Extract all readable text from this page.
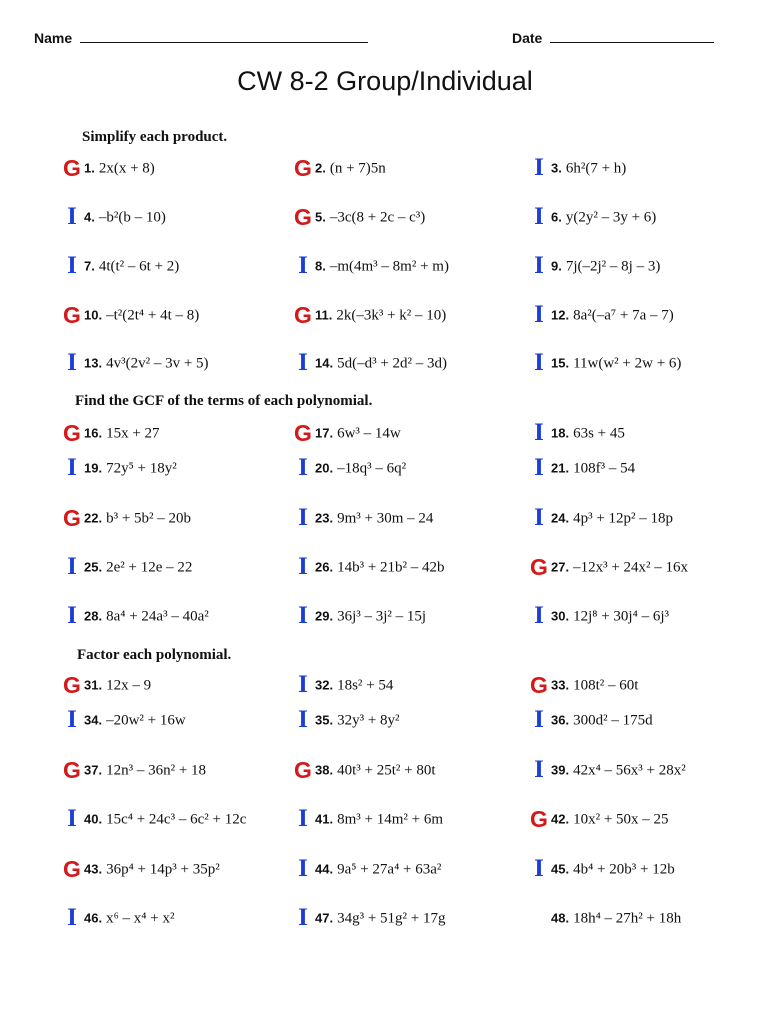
Name	Date
CW 8-2 Group/Individual
Simplify each product.
Find the GCF of the terms of each polynomial.
Factor each polynomial.
G 1. 2x(x + 8)	G 2. (n + 7)5n	I 3. 6h²(7 + h)
I 4. –b²(b – 10)	G 5. –3c(8 + 2c – c³)	I 6. y(2y² – 3y + 6)
I 7. 4t(t² – 6t + 2)	I 8. –m(4m³ – 8m² + m)	I 9. 7j(–2j² – 8j – 3)
G 10. –t²(2t⁴ + 4t – 8)	G 11. 2k(–3k³ + k² – 10)	I 12. 8a²(–a⁷ + 7a – 7)
I 13. 4v³(2v² – 3v + 5)	I 14. 5d(–d³ + 2d² – 3d)	I 15. 11w(w² + 2w + 6)
G 16. 15x + 27	G 17. 6w³ – 14w	I 18. 63s + 45
I 19. 72y⁵ + 18y²	I 20. –18q³ – 6q²	I 21. 108f³ – 54
G 22. b³ + 5b² – 20b	I 23. 9m³ + 30m – 24	I 24. 4p³ + 12p² – 18p
I 25. 2e² + 12e – 22	I 26. 14b³ + 21b² – 42b	G 27. –12x³ + 24x² – 16x
I 28. 8a⁴ + 24a³ – 40a²	I 29. 36j³ – 3j² – 15j	I 30. 12j⁸ + 30j⁴ – 6j³
G 31. 12x – 9	I 32. 18s² + 54	G 33. 108t² – 60t
I 34. –20w² + 16w	I 35. 32y³ + 8y²	I 36. 300d² – 175d
G 37. 12n³ – 36n² + 18	G 38. 40t³ + 25t² + 80t	I 39. 42x⁴ – 56x³ + 28x²
I 40. 15c⁴ + 24c³ – 6c² + 12c I 41. 8m³ + 14m² + 6m	G 42. 10x² + 50x – 25
G 43. 36p⁴ + 14p³ + 35p²	I 44. 9a⁵ + 27a⁴ + 63a²	I 45. 4b⁴ + 20b³ + 12b
I 46. x⁶ – x⁴ + x²	I 47. 34g³ + 51g² + 17g	48. 18h⁴ – 27h² + 18h
